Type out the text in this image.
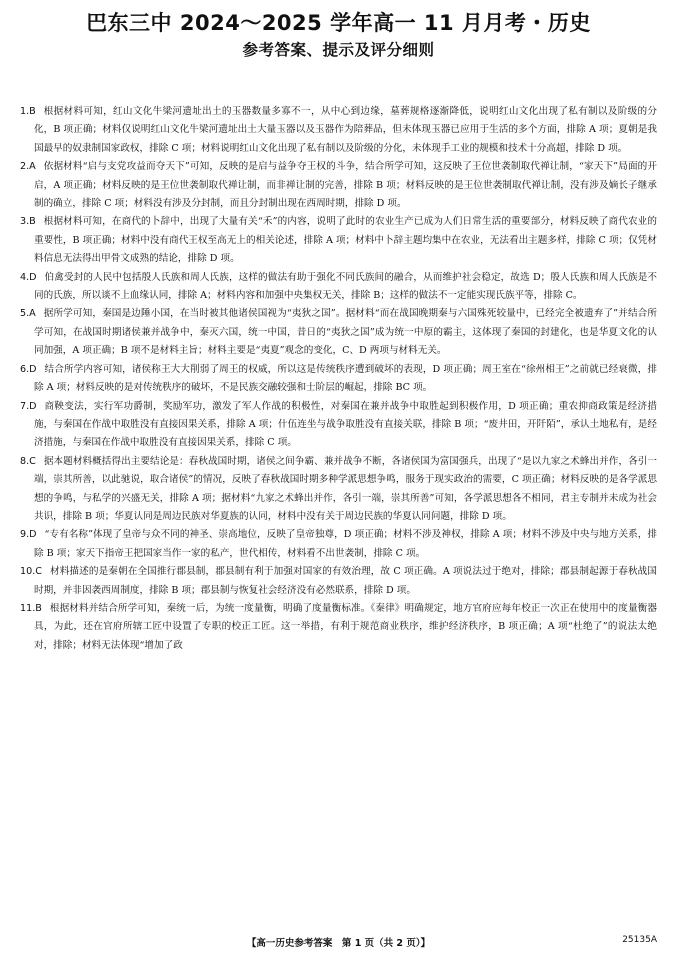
巴东三中 2024～2025 学年高一 11 月月考・历史
参考答案、提示及评分细则
1.B 根据材料可知，红山文化牛梁河遗址出土的玉器数量多寡不一，从中心到边缘，墓葬规格逐渐降低，说明红山文化出现了私有制以及阶级的分化，B 项正确；材料仅说明红山文化牛梁河遗址出土大量玉器以及玉器作为陪葬品，但未体现玉器已应用于生活的多个方面，排除 A 项；夏朝是我国最早的奴隶制国家政权，排除 C 项；材料说明红山文化出现了私有制以及阶级的分化，未体现手工业的规模和技术十分高超，排除 D 项。
2.A 依据材料“启与支党攻益而夺天下”可知，反映的是启与益争夺王权的斗争，结合所学可知，这反映了王位世袭制取代禅让制，“家天下”局面的开启，A 项正确；材料反映的是王位世袭制取代禅让制，而非禅让制的完善，排除 B 项；材料反映的是王位世袭制取代禅让制，没有涉及嫡长子继承制的确立，排除 C 项；材料没有涉及分封制，而且分封制出现在西周时期，排除 D 项。
3.B 根据材料可知，在商代的卜辞中，出现了大量有关“禾”的内容，说明了此时的农业生产已成为人们日常生活的重要部分，材料反映了商代农业的重要性，B 项正确；材料中没有商代王权至高无上的相关论述，排除 A 项；材料中卜辞主题均集中在农业，无法看出主题多样，排除 C 项；仅凭材料信息无法得出甲骨文成熟的结论，排除 D 项。
4.D 伯禽受封的人民中包括殷人氏族和周人氏族，这样的做法有助于强化不同氏族间的融合，从而维护社会稳定，故选 D；殷人氏族和周人氏族是不同的氏族，所以谈不上血缘认同，排除 A；材料内容和加强中央集权无关，排除 B；这样的做法不一定能实现氏族平等，排除 C。
5.A 据所学可知，秦国是边陲小国，在当时被其他诸侯国视为“夷狄之国”。据材料“而在战国晚期秦与六国殊死较量中，已经完全被遗弃了”并结合所学可知，在战国时期诸侯兼并战争中，秦灭六国，统一中国，昔日的“夷狄之国”成为统一中原的霸主，这体现了秦国的封建化，也是华夏文化的认同加强，A 项正确；B 项不是材料主旨；材料主要是“夷夏”观念的变化，C、D 两项与材料无关。
6.D 结合所学内容可知，诸侯称王大大削弱了周王的权威，所以这是传统秩序遭到破坏的表现，D 项正确；周王室在“徐州相王”之前就已经衰微，排除 A 项；材料反映的是对传统秩序的破坏，不是民族交融较强和士阶层的崛起，排除 BC 项。
7.D 商鞅变法，实行军功爵制，奖励军功，激发了军人作战的积极性，对秦国在兼并战争中取胜起到积极作用，D 项正确；重农抑商政策是经济措施，与秦国在作战中取胜没有直接因果关系，排除 A 项；什伍连坐与战争取胜没有直接关联，排除 B 项；“废井田，开阡陌”，承认土地私有，是经济措施，与秦国在作战中取胜没有直接因果关系，排除 C 项。
8.C 据本题材料概括得出主要结论是：春秋战国时期，诸侯之间争霸、兼并战争不断，各诸侯国为富国强兵，出现了“是以九家之术蜂出并作，各引一端，崇其所善，以此驰说，取合诸侯”的情况，反映了春秋战国时期多种学派思想争鸣，服务于现实政治的需要，C 项正确；材料反映的是各学派思想的争鸣，与私学的兴盛无关，排除 A 项；据材料“九家之术蜂出并作，各引一端，崇其所善”可知，各学派思想各不相同，君主专制并未成为社会共识，排除 B 项；华夏认同是周边民族对华夏族的认同，材料中没有关于周边民族的华夏认同问题，排除 D 项。
9.D “专有名称”体现了皇帝与众不同的神圣、崇高地位，反映了皇帝独尊，D 项正确；材料不涉及神权，排除 A 项；材料不涉及中央与地方关系，排除 B 项；家天下指帝王把国家当作一家的私产，世代相传，材料看不出世袭制，排除 C 项。
10.C 材料描述的是秦朝在全国推行郡县制，郡县制有利于加强对国家的有效治理，故 C 项正确。A 项说法过于绝对，排除；郡县制起源于春秋战国时期，并非因袭西周制度，排除 B 项；郡县制与恢复社会经济没有必然联系，排除 D 项。
11.B 根据材料并结合所学可知，秦统一后，为统一度量衡，明确了度量衡标准。《秦律》明确规定，地方官府应每年校正一次正在使用中的度量衡器具，为此，还在官府所辖工匠中设置了专职的校正工匠。这一举措，有利于规范商业秩序，维护经济秩序，B 项正确；A 项“杜绝了”的说法太绝对，排除；材料无法体现“增加了政
【高一历史参考答案　第 1 页（共 2 页）】	25135A
